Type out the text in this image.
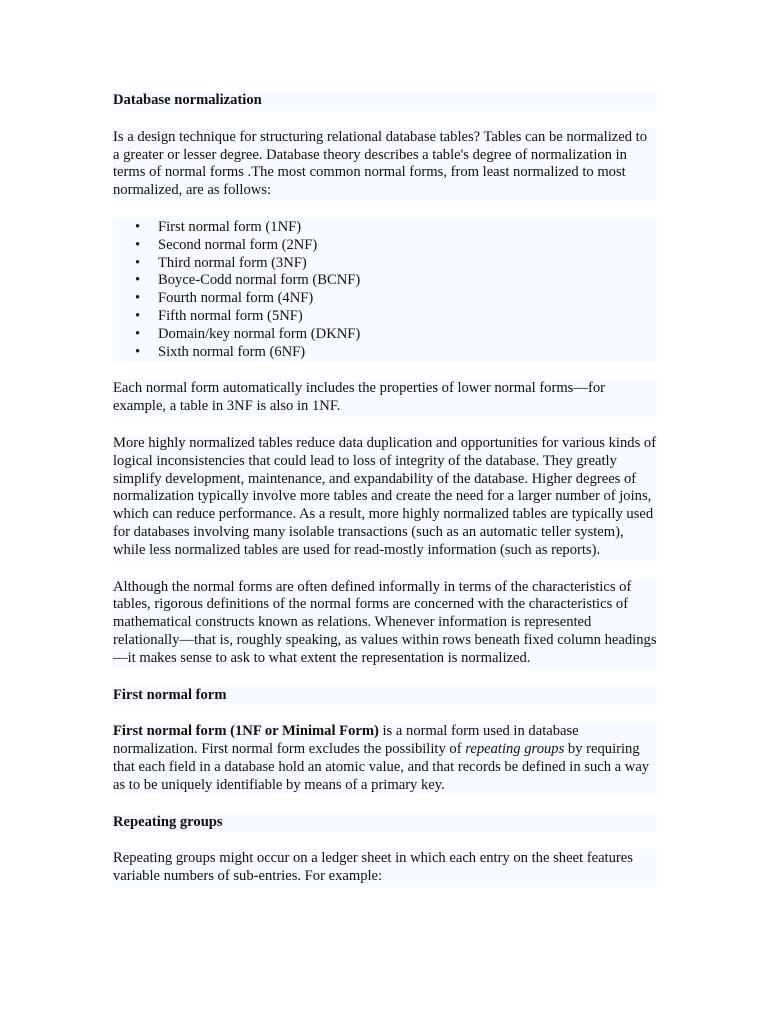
Database normalization

Is a design technique for structuring relational database tables? Tables can be normalized to a greater or lesser degree. Database theory describes a table's degree of normalization in terms of normal forms .The most common normal forms, from least normalized to most normalized, are as follows:

• First normal form (1NF)
• Second normal form (2NF)
• Third normal form (3NF)
• Boyce-Codd normal form (BCNF)
• Fourth normal form (4NF)
• Fifth normal form (5NF)
• Domain/key normal form (DKNF)
• Sixth normal form (6NF)

Each normal form automatically includes the properties of lower normal forms—for example, a table in 3NF is also in 1NF.

More highly normalized tables reduce data duplication and opportunities for various kinds of logical inconsistencies that could lead to loss of integrity of the database. They greatly simplify development, maintenance, and expandability of the database. Higher degrees of normalization typically involve more tables and create the need for a larger number of joins, which can reduce performance. As a result, more highly normalized tables are typically used for databases involving many isolable transactions (such as an automatic teller system), while less normalized tables are used for read-mostly information (such as reports).

Although the normal forms are often defined informally in terms of the characteristics of tables, rigorous definitions of the normal forms are concerned with the characteristics of mathematical constructs known as relations. Whenever information is represented relationally—that is, roughly speaking, as values within rows beneath fixed column headings—it makes sense to ask to what extent the representation is normalized.

First normal form

First normal form (1NF or Minimal Form) is a normal form used in database normalization. First normal form excludes the possibility of repeating groups by requiring that each field in a database hold an atomic value, and that records be defined in such a way as to be uniquely identifiable by means of a primary key.

Repeating groups

Repeating groups might occur on a ledger sheet in which each entry on the sheet features variable numbers of sub-entries. For example:
